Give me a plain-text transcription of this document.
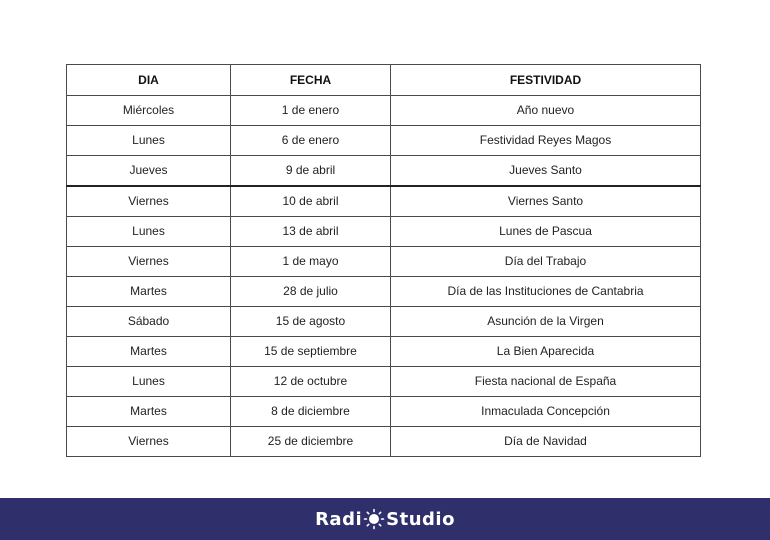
DIA	FECHA	FESTIVIDAD
Miércoles	1 de enero	Año nuevo
Lunes	6 de enero	Festividad Reyes Magos
Jueves	9 de abril	Jueves Santo
Viernes	10 de abril	Viernes Santo
Lunes	13 de abril	Lunes de Pascua
Viernes	1 de mayo	Día del Trabajo
Martes	28 de julio	Día de las Instituciones de Cantabria
Sábado	15 de agosto	Asunción de la Virgen
Martes	15 de septiembre	La Bien Aparecida
Lunes	12 de octubre	Fiesta nacional de España
Martes	8 de diciembre	Inmaculada Concepción
Viernes	25 de diciembre	Día de Navidad
Radi Studio
